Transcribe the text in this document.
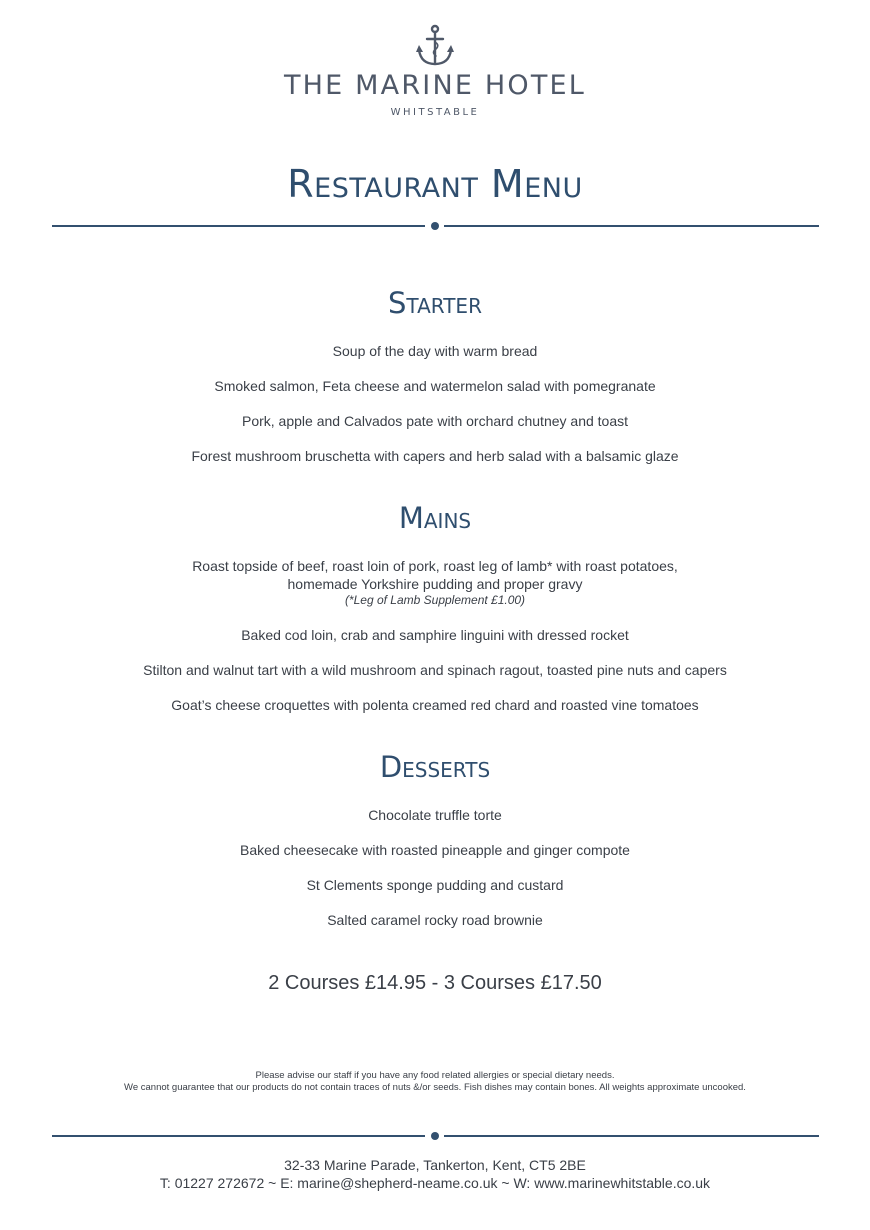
THE MARINE HOTEL
WHITSTABLE
Restaurant Menu
Starter
Soup of the day with warm bread
Smoked salmon, Feta cheese and watermelon salad with pomegranate
Pork, apple and Calvados pate with orchard chutney and toast
Forest mushroom bruschetta with capers and herb salad with a balsamic glaze
Mains
Roast topside of beef, roast loin of pork, roast leg of lamb* with roast potatoes,
homemade Yorkshire pudding and proper gravy
(*Leg of Lamb Supplement £1.00)
Baked cod loin, crab and samphire linguini with dressed rocket
Stilton and walnut tart with a wild mushroom and spinach ragout, toasted pine nuts and capers
Goat’s cheese croquettes with polenta creamed red chard and roasted vine tomatoes
Desserts
Chocolate truffle torte
Baked cheesecake with roasted pineapple and ginger compote
St Clements sponge pudding and custard
Salted caramel rocky road brownie
2 Courses £14.95 - 3 Courses £17.50
Please advise our staff if you have any food related allergies or special dietary needs.
We cannot guarantee that our products do not contain traces of nuts &/or seeds. Fish dishes may contain bones. All weights approximate uncooked.
32-33 Marine Parade, Tankerton, Kent, CT5 2BE
T: 01227 272672 ~ E: marine@shepherd-neame.co.uk ~ W: www.marinewhitstable.co.uk
